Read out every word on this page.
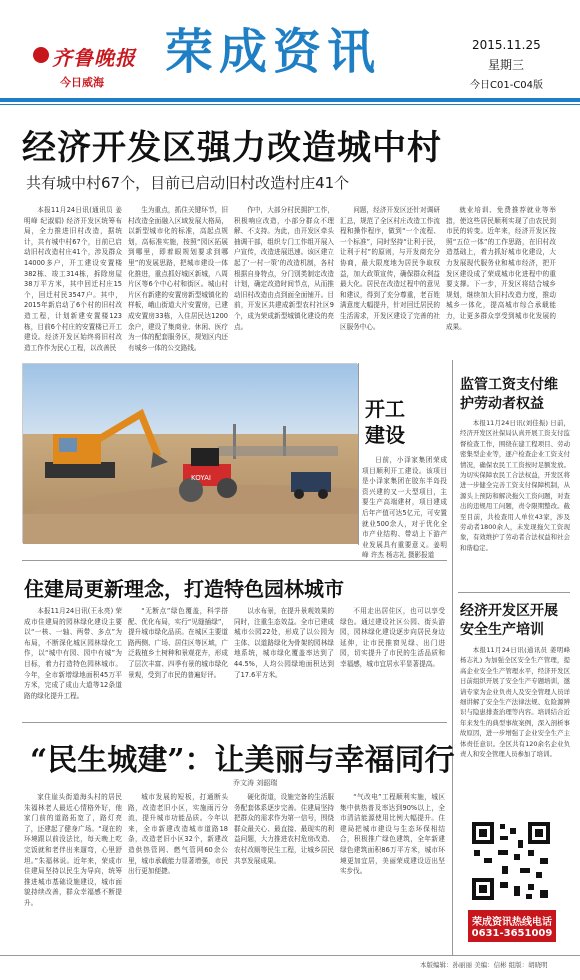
齐鲁晚报
今日威海
荣成资讯	2015.11.25
星期三
今日C01-C04版
经济开发区强力改造城中村
共有城中村67个，目前已启动旧村改造村庄41个

本报11月24日讯(通讯员 姜明峰 纪淑娟) 经济开发区统筹布局，全力推进旧村改造，据统计，共有城中村67个，目前已启动旧村改造村庄41个，涉及群众14000多户，开工建设安置楼382栋、竣工314栋，拆除房屋38万平方米，其中回迁村庄15个，回迁村民3547户。其中，2015年新启动了6个村的旧村改造工程，计划新建安置楼123栋，目前6个村庄的安置楼已开工建设。经济开发区始终将旧村改造工作作为民心工程，以改善民

生为重点，抓住关键环节，旧村改造全面融入区域发展大格局，以新型城市化的标准，高起点规划，高标准实施，按照“园区拓展到哪里，即着眼规划要求到哪里”的发展思路，把城市建设一体化推进，重点抓好城区新城，八周片区等6个中心村和街区。城山村片区有新建的安置房新型城镇化的样板，峨山街道大片安置房，已建成安置房33栋，入住居民达1200余户，建设了集商业、休闲、医疗为一体的配套服务区，规划区内还有城乡一体的公交路线。

作中，大部分村民拥护工作，积极响应改造，小部分群众不理解、不支持。为此，由开发区牵头抽调干部，组织专门工作组开展入户宣传，改造进展迅速。该区建立起了‘一村一策’的改造机制，各村根据自身特点，分门别类制定改造计划，确定改造时间节点，从而推动旧村改造由点到面全面铺开。目前，开发区共建成新型农村社区9个，成为荣成新型城镇化建设的亮点。

问题，经济开发区还针对调研汇总，规范了全区村庄改造工作流程和操作程序，做到“一个流程、一个标准”，同时坚持“让利于民，让利于村”的原则，与开发商充分协商，最大限度地为居民争取权益，加大政策宣传，确保群众利益最大化。居民在改造过程中的意见和建议，得到了充分尊重，老百姓满意度大幅提升，针对回迁居民的生活需求，开发区建设了完善的社区服务中心。

就业培训、免费推荐就业等举措，使这些居民顺利实现了由农民到市民的转变。近年来，经济开发区按照“五位一体”的工作思路，在旧村改造基础上，着力抓好城市化建设，大力发展现代服务业和城市经济，把开发区建设成了荣成城市化进程中的重要支撑。下一步，开发区将结合城乡规划，继续加大旧村改造力度，推动城乡一体化，提高城市综合承载能力，让更多群众享受到城市化发展的成果。

KOYAI
开工建设

日前，小泽家集团荣成项目顺利开工建设。该项目是小泽家集团在胶东半岛投资兴建的又一大型项目，主要生产高端建材，项目建成后年产值可达5亿元，可安置就业500余人，对于优化全市产业结构、带动上下游产业发展具有重要意义。姜明峰 许杰 杨志礼 摄影报道

监管工资支付维护劳动者权益

本报11月24日讯(刘佳振) 日前，经济开发区社保局认真开展工资支付监督检查工作，围绕在建工程项目、劳动密集型企业等，逐户检查企业工资支付情况，确保农民工工资按时足额发放。为切实保障农民工合法权益，开发区将进一步健全完善工资支付保障机制，从源头上预防和解决拖欠工资问题，对查出的违规用工问题，责令限期整改。截至目前，共检查用人单位43家，涉及劳动者1800余人，未发现拖欠工资现象，有效维护了劳动者合法权益和社会和谐稳定。

经济开发区开展安全生产培训

本报11月24日讯(通讯员 姜明峰 杨志礼) 为加强全区安全生产管理，提高企业安全生产管理水平，经济开发区日前组织开展了安全生产专题培训，邀请专家为企业负责人及安全管理人员详细讲解了安全生产法律法规、危险源辨识与隐患排查治理等内容。培训结合近年来发生的典型事故案例，深入剖析事故原因，进一步增强了企业安全生产主体责任意识。全区共有120余名企业负责人和安全管理人员参加了培训。

荣成资讯热线电话
0631-3651009
住建局更新理念，打造特色园林城市

本报11月24日讯(王永亮) 荣成市住建局的园林绿化建设主要以“一核、一轴、两带、多点”为布局，不断深化城区园林绿化工作，以“城中有园、园中有城”为目标，着力打造特色园林城市。今年，全市新增绿地面积45万平方米，完成了成山大道等12条道路的绿化提升工程。

“无断点”绿色覆盖，科学搭配、优化布局，实行“见缝插绿”，提升城市绿化品质。在城区主要道路两侧、广场、居住区等区域，广泛栽植乡土树种和景观花卉，形成了层次丰富、四季有景的城市绿化景观，受到了市民的普遍好评。

以水布景，在提升景观效果的同时，注重生态效益。全市已建成城市公园22处，形成了以公园为主体、以道路绿化为骨架的园林绿地系统，城市绿化覆盖率达到了44.5%，人均公园绿地面积达到了17.6平方米。

不用走出居住区，也可以享受绿色。通过建设社区公园、街头游园，园林绿化建设逐步向居民身边延伸，让市民推窗见绿、出门进园，切实提升了市民的生活品质和幸福感，城市宜居水平显著提高。

“民生城建”：让美丽与幸福同行
乔文涛 刘韶瑞

家住崖头街道海头村的居民朱福林老人最近心情格外好，他家门前的道路拓宽了，路灯亮了，还建起了健身广场。“现在的环境跟以前没法比，每天晚上吃完饭就和老伴出来遛弯，心里舒坦。”朱福林说。近年来，荣成市住建局坚持以民生为导向，统筹推进城市基础设施建设，城市面貌持续改善，群众幸福感不断提升。

城市发展的短板，打通断头路，改造老旧小区，实施雨污分流，提升城市功能品质。今年以来，全市新建改造城市道路18条，改造老旧小区32个，新建改造供热管网、燃气管网60余公里，城市承载能力显著增强，市民出行更加便捷。

硬化街道，设施完备的生活服务配套体系逐步完善。住建局坚持把群众的需求作为第一信号，围绕群众最关心、最直接、最现实的利益问题，大力推进农村危房改造、农村改厕等民生工程，让城乡居民共享发展成果。

“气改电”工程顺利实施，城区集中供热普及率达到90%以上，全市清洁能源使用比例大幅提升。住建局把城市建设与生态环保相结合，积极推广绿色建筑，全年新建绿色建筑面积86万平方米，城市环境更加宜居，美丽荣成建设迈出坚实步伐。

本版编辑：孙丽丽 美编：信彬 组版：胡晓明
